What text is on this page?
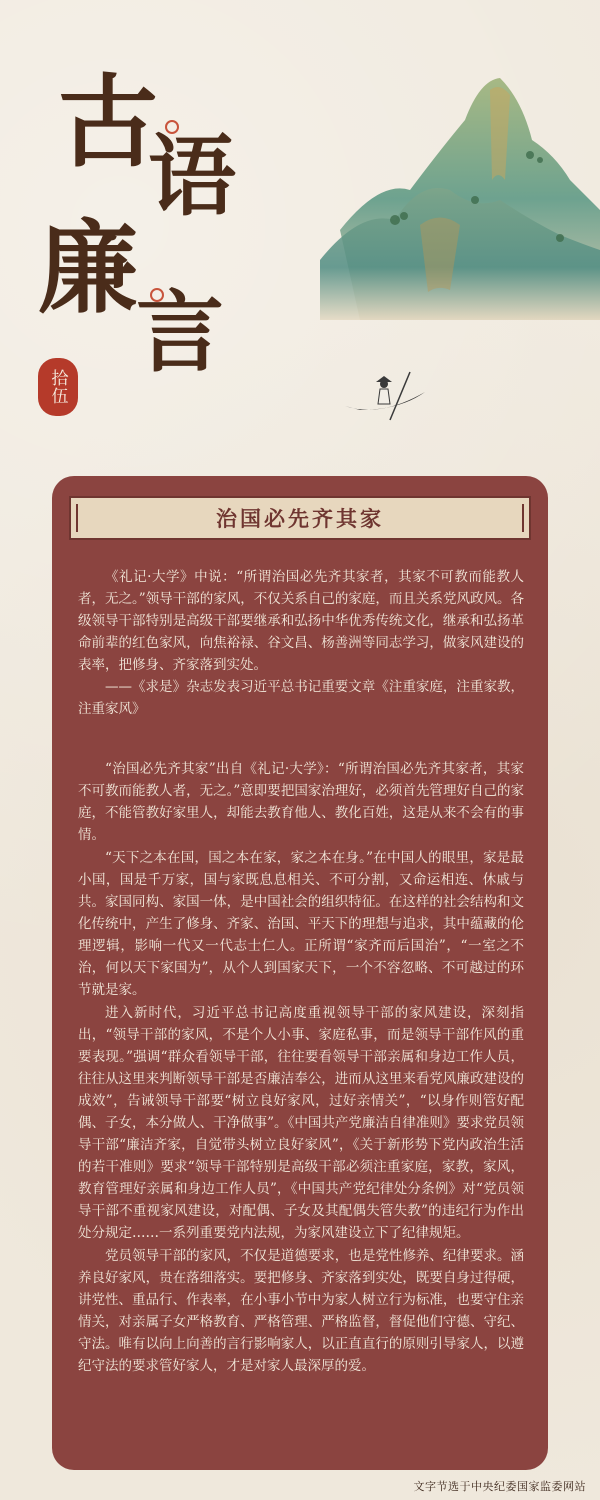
古
语
廉
言
拾伍
治国必先齐其家

《礼记·大学》中说：“所谓治国必先齐其家者，其家不可教而能教人者，无之。”领导干部的家风，不仅关系自己的家庭，而且关系党风政风。各级领导干部特别是高级干部要继承和弘扬中华优秀传统文化，继承和弘扬革命前辈的红色家风，向焦裕禄、谷文昌、杨善洲等同志学习，做家风建设的表率，把修身、齐家落到实处。

——《求是》杂志发表习近平总书记重要文章《注重家庭，注重家教，注重家风》

“治国必先齐其家”出自《礼记·大学》：“所谓治国必先齐其家者，其家不可教而能教人者，无之。”意即要把国家治理好，必须首先管理好自己的家庭，不能管教好家里人，却能去教育他人、教化百姓，这是从来不会有的事情。

“天下之本在国，国之本在家，家之本在身。”在中国人的眼里，家是最小国，国是千万家，国与家既息息相关、不可分割，又命运相连、休戚与共。家国同构、家国一体，是中国社会的组织特征。在这样的社会结构和文化传统中，产生了修身、齐家、治国、平天下的理想与追求，其中蕴藏的伦理逻辑，影响一代又一代志士仁人。正所谓“家齐而后国治”，“一室之不治，何以天下家国为”，从个人到国家天下，一个不容忽略、不可越过的环节就是家。

进入新时代，习近平总书记高度重视领导干部的家风建设，深刻指出，“领导干部的家风，不是个人小事、家庭私事，而是领导干部作风的重要表现。”强调“群众看领导干部，往往要看领导干部亲属和身边工作人员，往往从这里来判断领导干部是否廉洁奉公，进而从这里来看党风廉政建设的成效”，告诫领导干部要“树立良好家风，过好亲情关”，“以身作则管好配偶、子女，本分做人、干净做事”。《中国共产党廉洁自律准则》要求党员领导干部“廉洁齐家，自觉带头树立良好家风”，《关于新形势下党内政治生活的若干准则》要求“领导干部特别是高级干部必须注重家庭，家教，家风，教育管理好亲属和身边工作人员”，《中国共产党纪律处分条例》对“党员领导干部不重视家风建设，对配偶、子女及其配偶失管失教”的违纪行为作出处分规定……一系列重要党内法规，为家风建设立下了纪律规矩。

党员领导干部的家风，不仅是道德要求，也是党性修养、纪律要求。涵养良好家风，贵在落细落实。要把修身、齐家落到实处，既要自身过得硬，讲党性、重品行、作表率，在小事小节中为家人树立行为标准，也要守住亲情关，对亲属子女严格教育、严格管理、严格监督，督促他们守德、守纪、守法。唯有以向上向善的言行影响家人，以正直直行的原则引导家人，以遵纪守法的要求管好家人，才是对家人最深厚的爱。

文字节选于中央纪委国家监委网站
